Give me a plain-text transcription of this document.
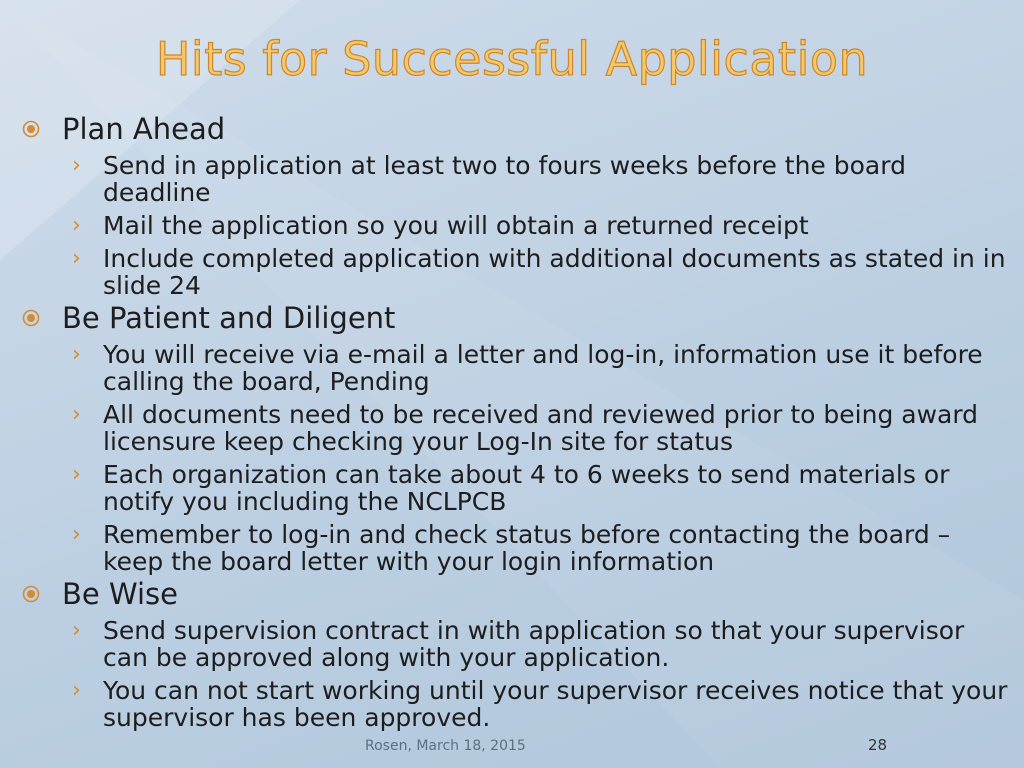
Hits for Successful Application
Plan Ahead
› Send in application at least two to fours weeks before the board deadline
› Mail the application so you will obtain a returned receipt
› Include completed application with additional documents as stated in in slide 24
Be Patient and Diligent
› You will receive via e-mail a letter and log-in, information use it before calling the board, Pending
› All documents need to be received and reviewed prior to being award licensure keep checking your Log-In site for status
› Each organization can take about 4 to 6 weeks to send materials or notify you including the NCLPCB
› Remember to log-in and check status before contacting the board – keep the board letter with your login information
Be Wise
› Send supervision contract in with application so that your supervisor can be approved along with your application.
› You can not start working until your supervisor receives notice that your supervisor has been approved.
Rosen, March 18, 2015	28
